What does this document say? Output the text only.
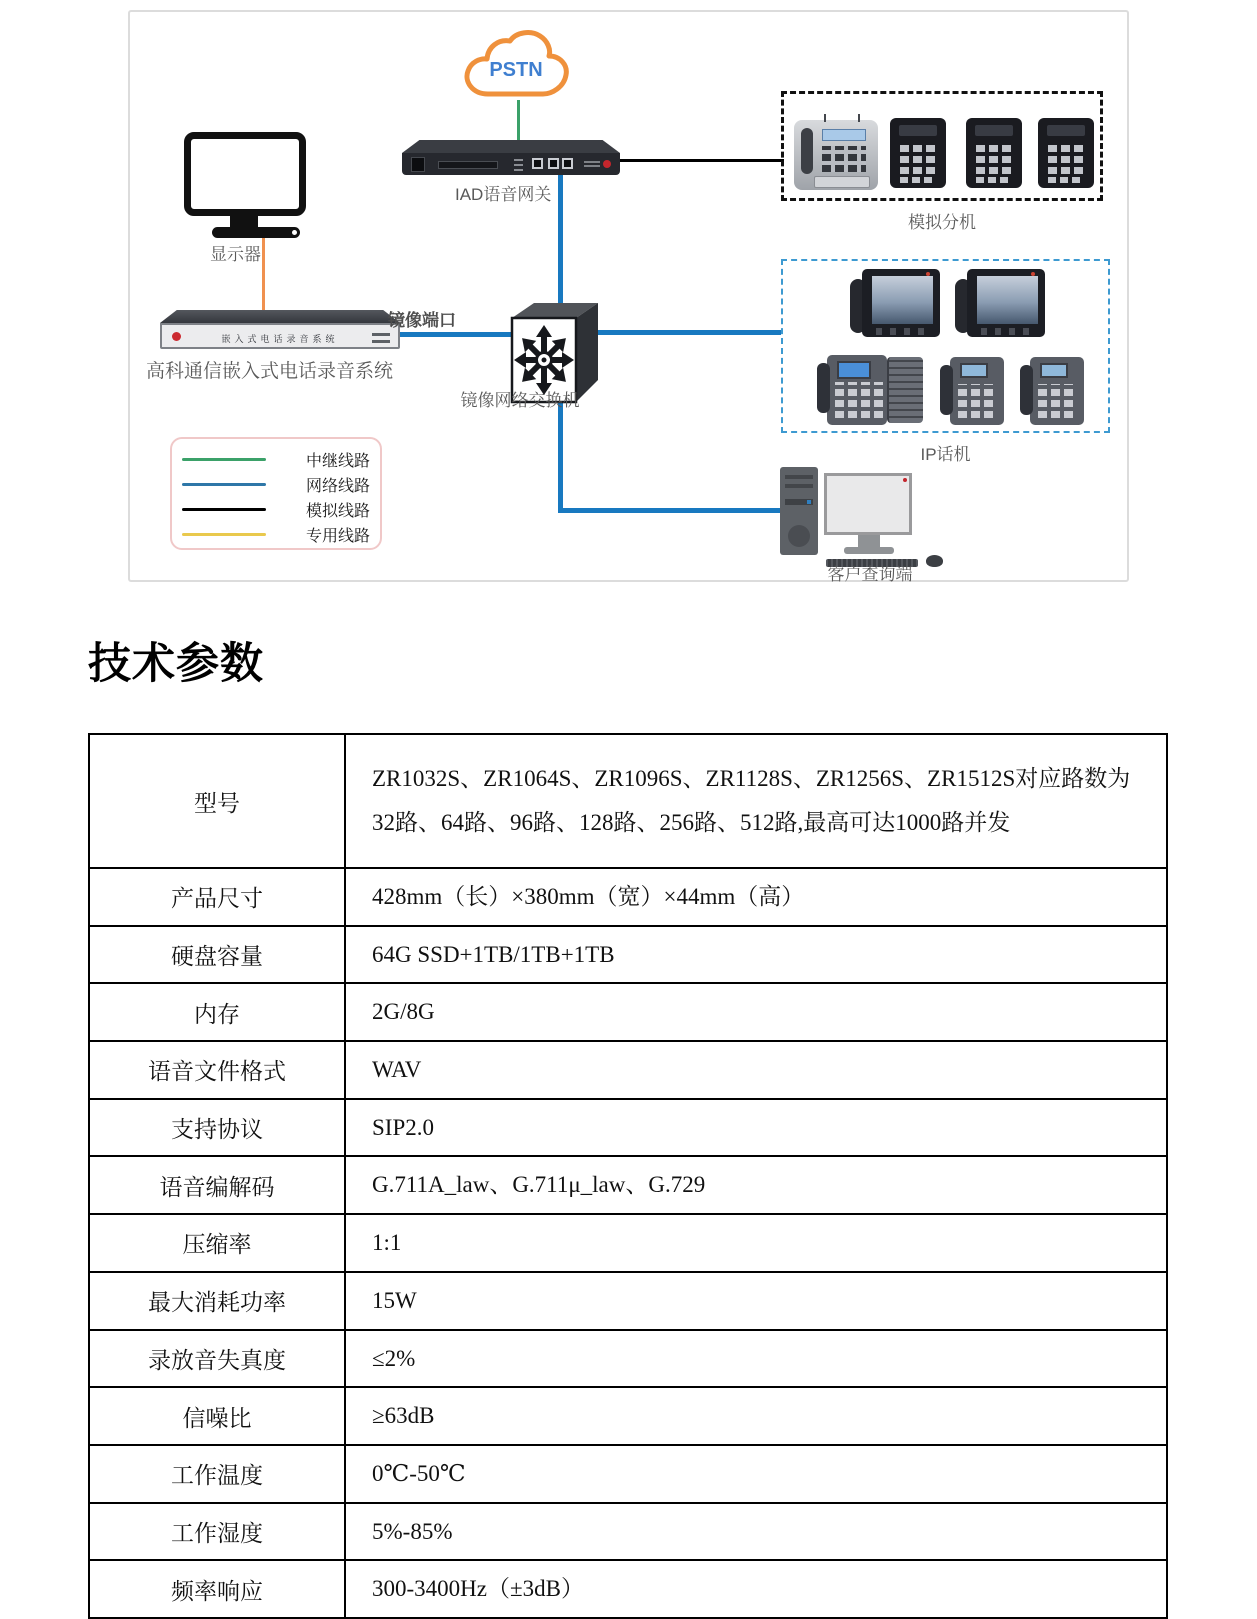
PSTN
显示器
IAD语音网关
嵌入式电话录音系统
高科通信嵌入式电话录音系统
镜像端口
镜像网络交换机
模拟分机
IP话机
客户查询端
中继线路
网络线路
模拟线路
专用线路
技术参数
型号	ZR1032S、ZR1064S、ZR1096S、ZR1128S、ZR1256S、ZR1512S对应路数为32路、64路、96路、128路、256路、512路,最高可达1000路并发
产品尺寸	428mm（长）×380mm（宽）×44mm（高）
硬盘容量	64G SSD+1TB/1TB+1TB
内存	2G/8G
语音文件格式	WAV
支持协议	SIP2.0
语音编解码	G.711A_law、G.711μ_law、G.729
压缩率	1:1
最大消耗功率	15W
录放音失真度	≤2%
信噪比	≥63dB
工作温度	0℃-50℃
工作湿度	5%-85%
频率响应	300-3400Hz（±3dB）
